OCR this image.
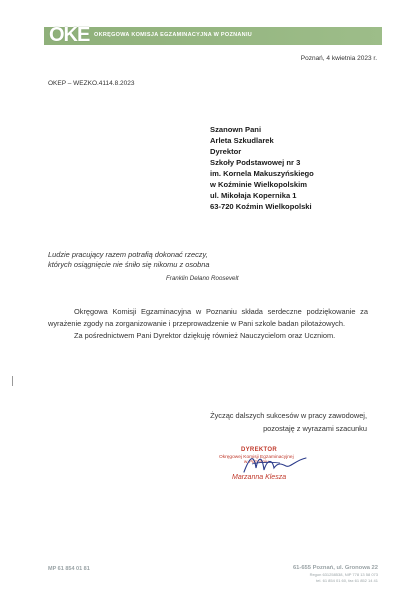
OKE OKRĘGOWA KOMISJA EGZAMINACYJNA W POZNANIU
Poznań, 4 kwietnia 2023 r.
OKEP – WEZKO.4114.8.2023
Szanown Pani
Arleta Szkudlarek
Dyrektor
Szkoły Podstawowej nr 3
im. Kornela Makuszyńskiego
w Koźminie Wielkopolskim
ul. Mikołaja Kopernika 1
63-720 Koźmin Wielkopolski
Ludzie pracujący razem potrafią dokonać rzeczy,
których osiągnięcie nie śniło się nikomu z osobna
Franklin Delano Roosevelt

Okręgowa Komisji Egzaminacyjna w Poznaniu składa serdeczne podziękowanie za wyrażenie zgody na zorganizowanie i przeprowadzenie w Pani szkole badan pilotażowych.

Za pośrednictwem Pani Dyrektor dziękuję również Nauczycielom oraz Uczniom.

Życząc dalszych sukcesów w pracy zawodowej,
pozostaję z wyrazami szacunku
DYREKTOR
Okręgowej Komisji Egzaminacyjnej
w Poznaniu
Marzanna Klesza
MP 61 854 01 81	61-655 Poznań, ul. Gronowa 22
Regon 631258538, NIP 778 13 58 073
tel. 61 854 01 60, fax 61 852 14 41
